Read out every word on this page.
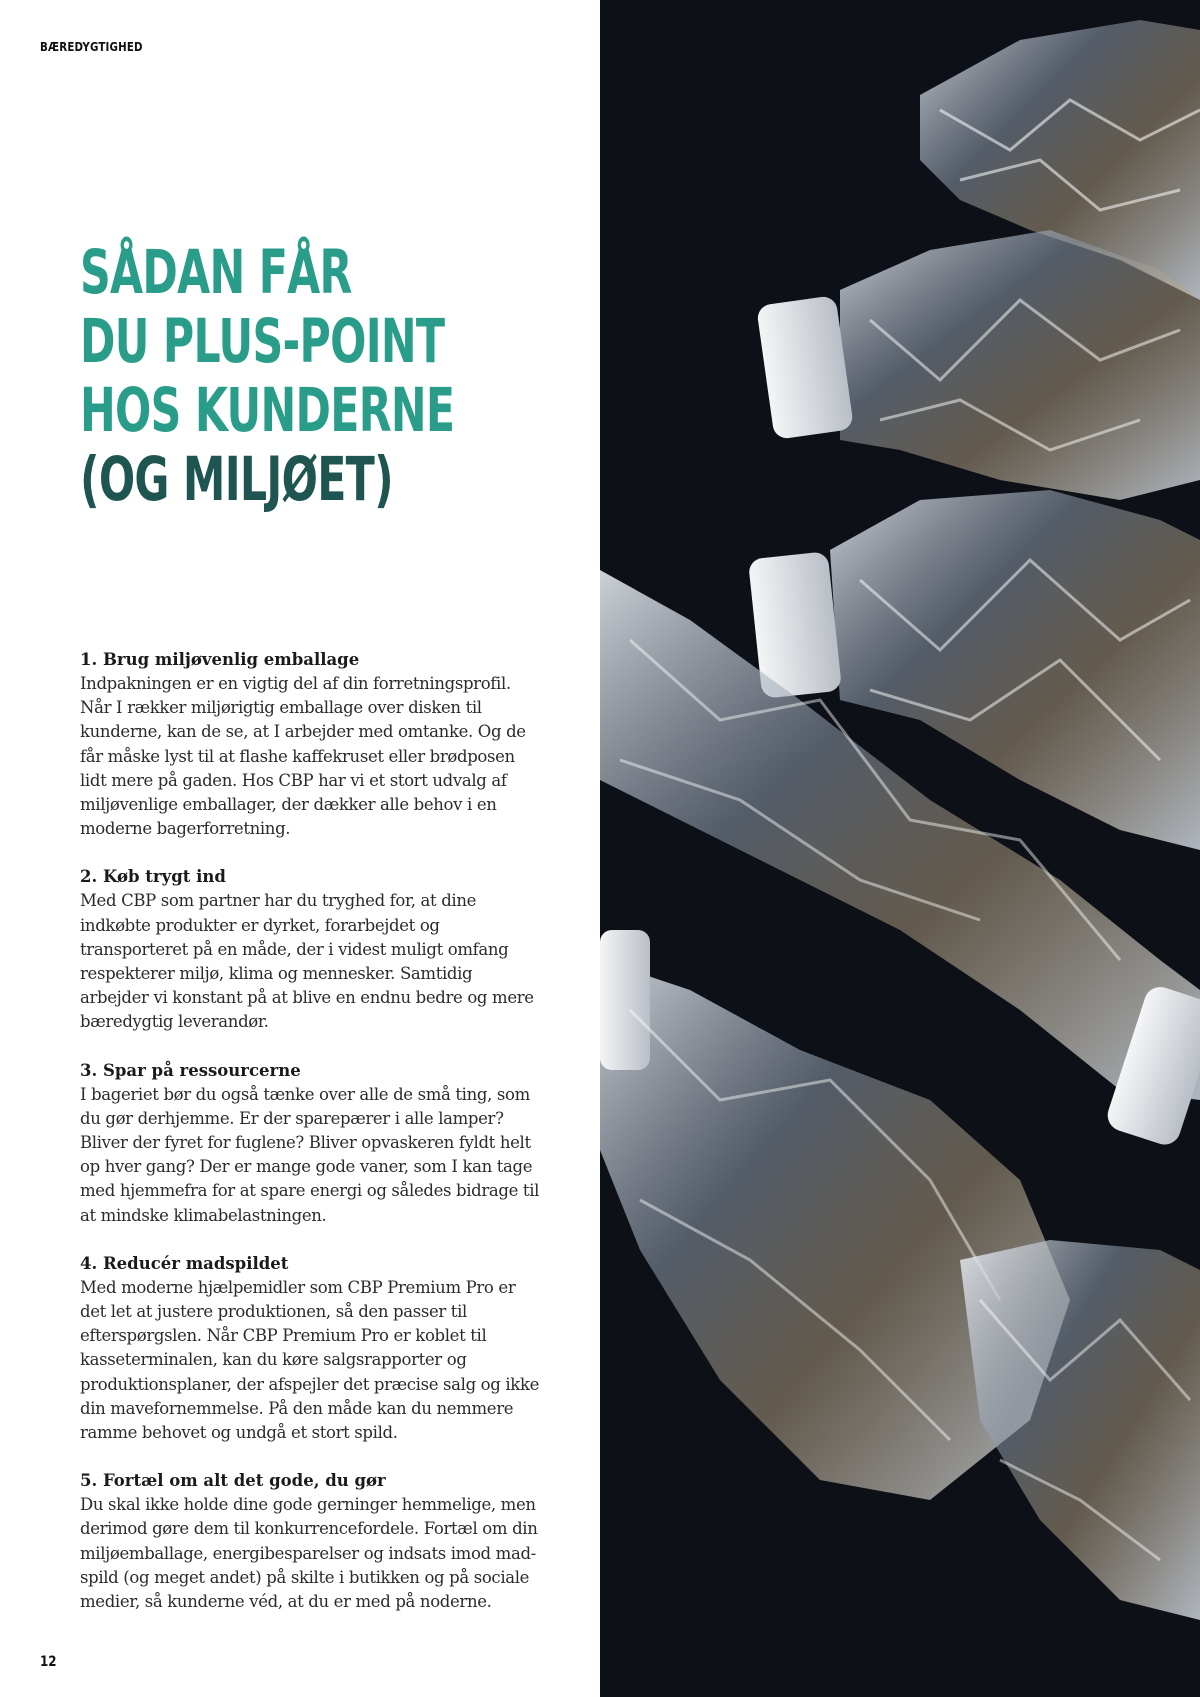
BÆREDYGTIGHED
SÅDAN FÅR
DU PLUS-POINT
HOS KUNDERNE
(OG MILJØET)
1. Brug miljøvenlig emballage

Indpakningen er en vigtig del af din forretningsprofil. Når I rækker miljørigtig emballage over disken til kunderne, kan de se, at I arbejder med omtanke. Og de får måske lyst til at flashe kaffekruset eller brødposen lidt mere på gaden. Hos CBP har vi et stort udvalg af miljøvenlige emballager, der dækker alle behov i en moderne bagerforretning.

2. Køb trygt ind

Med CBP som partner har du tryghed for, at dine indkøbte produkter er dyrket, forarbejdet og transporteret på en måde, der i videst muligt omfang respekterer miljø, klima og mennesker. Samtidig arbejder vi konstant på at blive en endnu bedre og mere bæredygtig leverandør.

3. Spar på ressourcerne

I bageriet bør du også tænke over alle de små ting, som du gør derhjemme. Er der sparepærer i alle lamper? Bliver der fyret for fuglene? Bliver opvaskeren fyldt helt op hver gang? Der er mange gode vaner, som I kan tage med hjemmefra for at spare energi og således bidrage til at mindske klimabelastningen.

4. Reducér madspildet

Med moderne hjælpemidler som CBP Premium Pro er det let at justere produktionen, så den passer til efterspørgslen. Når CBP Premium Pro er koblet til kasseterminalen, kan du køre salgsrapporter og produktionsplaner, der afspejler det præcise salg og ikke din mavefornemmelse. På den måde kan du nemmere ramme behovet og undgå et stort spild.

5. Fortæl om alt det gode, du gør

Du skal ikke holde dine gode gerninger hemmelige, men derimod gøre dem til konkurrencefordele. Fortæl om din miljøemballage, energibesparelser og indsats imod mad-spild (og meget andet) på skilte i butikken og på sociale medier, så kunderne véd, at du er med på noderne.

12
